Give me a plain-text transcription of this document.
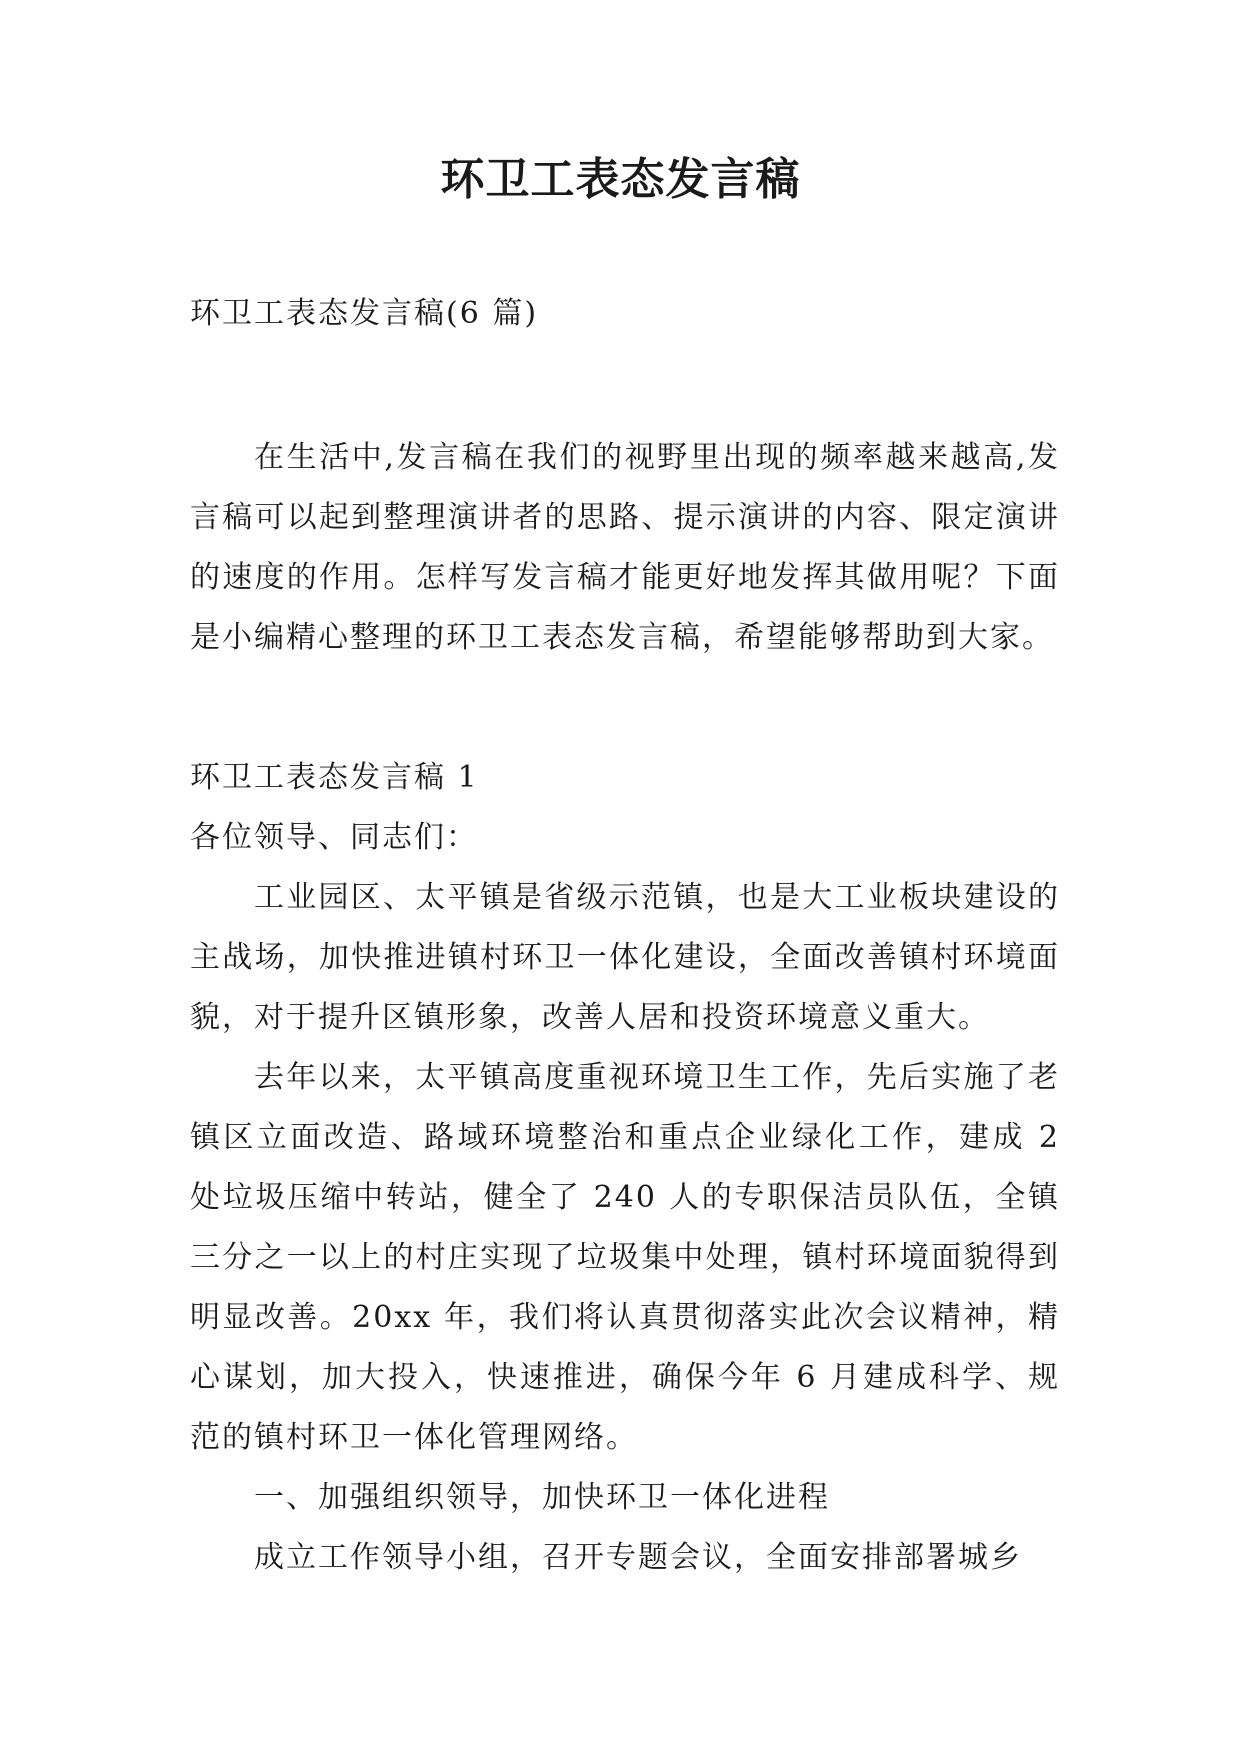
环卫工表态发言稿

环卫工表态发言稿(6 篇)

在生活中,发言稿在我们的视野里出现的频率越来越高,发言稿可以起到整理演讲者的思路、提示演讲的内容、限定演讲的速度的作用。怎样写发言稿才能更好地发挥其做用呢？下面是小编精心整理的环卫工表态发言稿，希望能够帮助到大家。

环卫工表态发言稿 1

各位领导、同志们：

工业园区、太平镇是省级示范镇，也是大工业板块建设的主战场，加快推进镇村环卫一体化建设，全面改善镇村环境面貌，对于提升区镇形象，改善人居和投资环境意义重大。

去年以来，太平镇高度重视环境卫生工作，先后实施了老镇区立面改造、路域环境整治和重点企业绿化工作，建成 2 处垃圾压缩中转站，健全了 240 人的专职保洁员队伍，全镇三分之一以上的村庄实现了垃圾集中处理，镇村环境面貌得到明显改善。20xx 年，我们将认真贯彻落实此次会议精神，精心谋划，加大投入，快速推进，确保今年 6 月建成科学、规范的镇村环卫一体化管理网络。

一、加强组织领导，加快环卫一体化进程

成立工作领导小组，召开专题会议，全面安排部署城乡
